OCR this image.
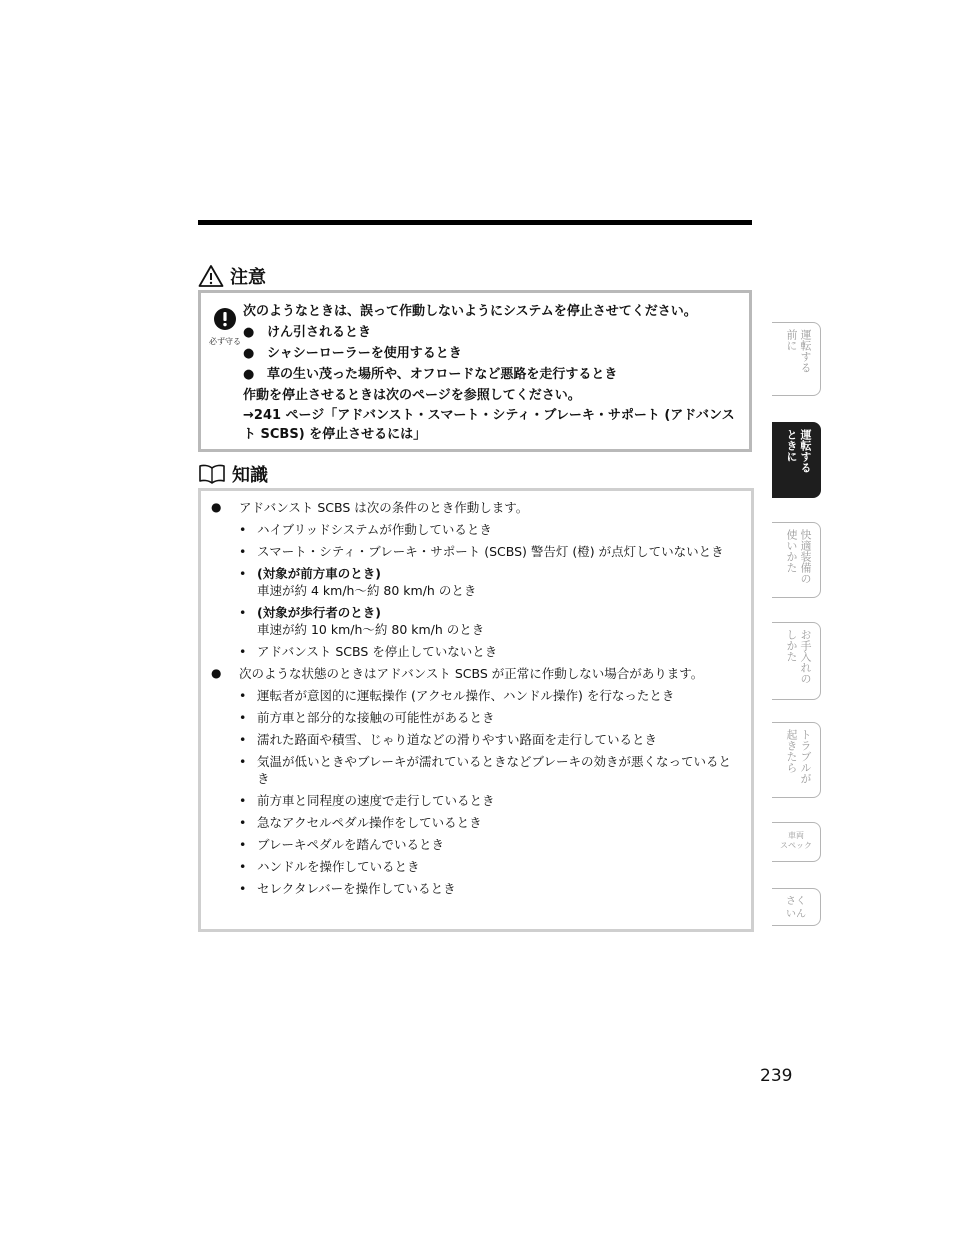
注意
必ず守る
次のようなときは、誤って作動しないようにシステムを停止させてください。
● けん引されるとき
● シャシーローラーを使用するとき
● 草の生い茂った場所や、オフロードなど悪路を走行するとき
作動を停止させるときは次のページを参照してください。
→241 ページ「アドバンスト・スマート・シティ・ブレーキ・サポート (アドバンスト SCBS) を停止させるには」
知識
●	アドバンスト SCBS は次の条件のとき作動します。
• ハイブリッドシステムが作動しているとき
• スマート・シティ・ブレーキ・サポート (SCBS) 警告灯 (橙) が点灯していないとき
• (対象が前方車のとき)
車速が約 4 km/h〜約 80 km/h のとき
• (対象が歩行者のとき)
車速が約 10 km/h〜約 80 km/h のとき
• アドバンスト SCBS を停止していないとき
●	次のような状態のときはアドバンスト SCBS が正常に作動しない場合があります。
• 運転者が意図的に運転操作 (アクセル操作、ハンドル操作) を行なったとき
• 前方車と部分的な接触の可能性があるとき
• 濡れた路面や積雪、じゃり道などの滑りやすい路面を走行しているとき
• 気温が低いときやブレーキが濡れているときなどブレーキの効きが悪くなっているとき
• 前方車と同程度の速度で走行しているとき
• 急なアクセルペダル操作をしているとき
• ブレーキペダルを踏んでいるとき
• ハンドルを操作しているとき
• セレクタレバーを操作しているとき
運転する
前に
運転する
ときに
快適装備の
使いかた
お手入れの
しかた
トラブルが
起きたら
車両
スペック
さく
いん
239
